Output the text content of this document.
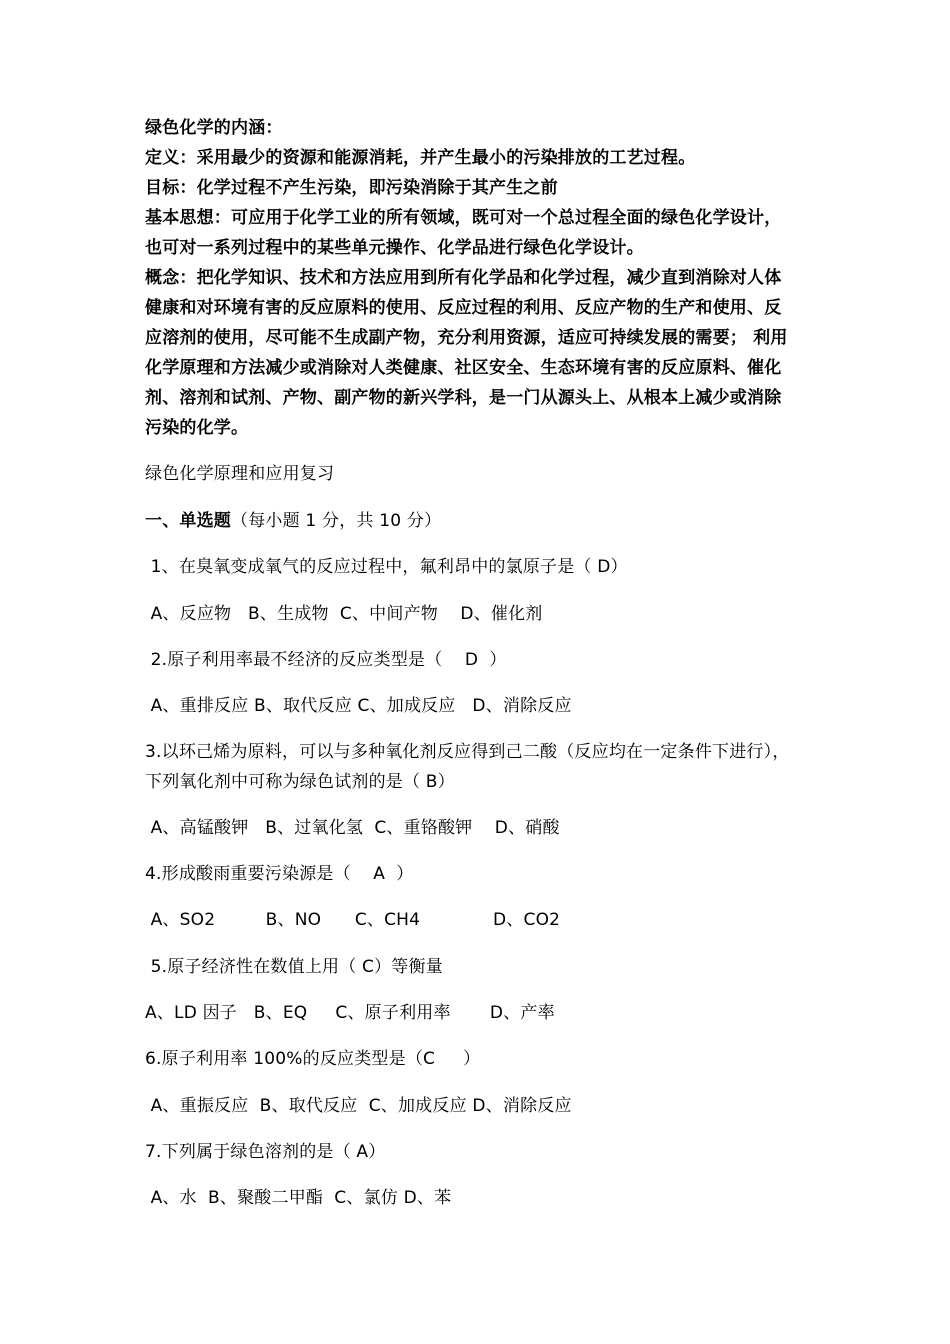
绿色化学的内涵：
定义：采用最少的资源和能源消耗，并产生最小的污染排放的工艺过程。
目标：化学过程不产生污染，即污染消除于其产生之前
基本思想：可应用于化学工业的所有领域，既可对一个总过程全面的绿色化学设计，
也可对一系列过程中的某些单元操作、化学品进行绿色化学设计。
概念：把化学知识、技术和方法应用到所有化学品和化学过程，减少直到消除对人体
健康和对环境有害的反应原料的使用、反应过程的利用、反应产物的生产和使用、反
应溶剂的使用，尽可能不生成副产物，充分利用资源，适应可持续发展的需要； 利用
化学原理和方法减少或消除对人类健康、社区安全、生态环境有害的反应原料、催化
剂、溶剂和试剂、产物、副产物的新兴学科，是一门从源头上、从根本上减少或消除
污染的化学。
绿色化学原理和应用复习
一、单选题（每小题 1 分，共 10 分）
1、在臭氧变成氧气的反应过程中，氟利昂中的氯原子是（ D）
A、反应物   B、生成物  C、中间产物    D、催化剂
2.原子利用率最不经济的反应类型是（    D  ）
A、重排反应 B、取代反应 C、加成反应   D、消除反应
3.以环己烯为原料，可以与多种氧化剂反应得到己二酸（反应均在一定条件下进行），
下列氧化剂中可称为绿色试剂的是（ B）
A、高锰酸钾   B、过氧化氢  C、重铬酸钾    D、硝酸
4.形成酸雨重要污染源是（    A  ）
A、SO2         B、NO      C、CH4             D、CO2
5.原子经济性在数值上用（ C）等衡量
A、LD 因子   B、EQ     C、原子利用率       D、产率
6.原子利用率 100%的反应类型是（C     ）
A、重振反应  B、取代反应  C、加成反应 D、消除反应
7.下列属于绿色溶剂的是（ A）
A、水  B、聚酸二甲酯  C、氯仿 D、苯
